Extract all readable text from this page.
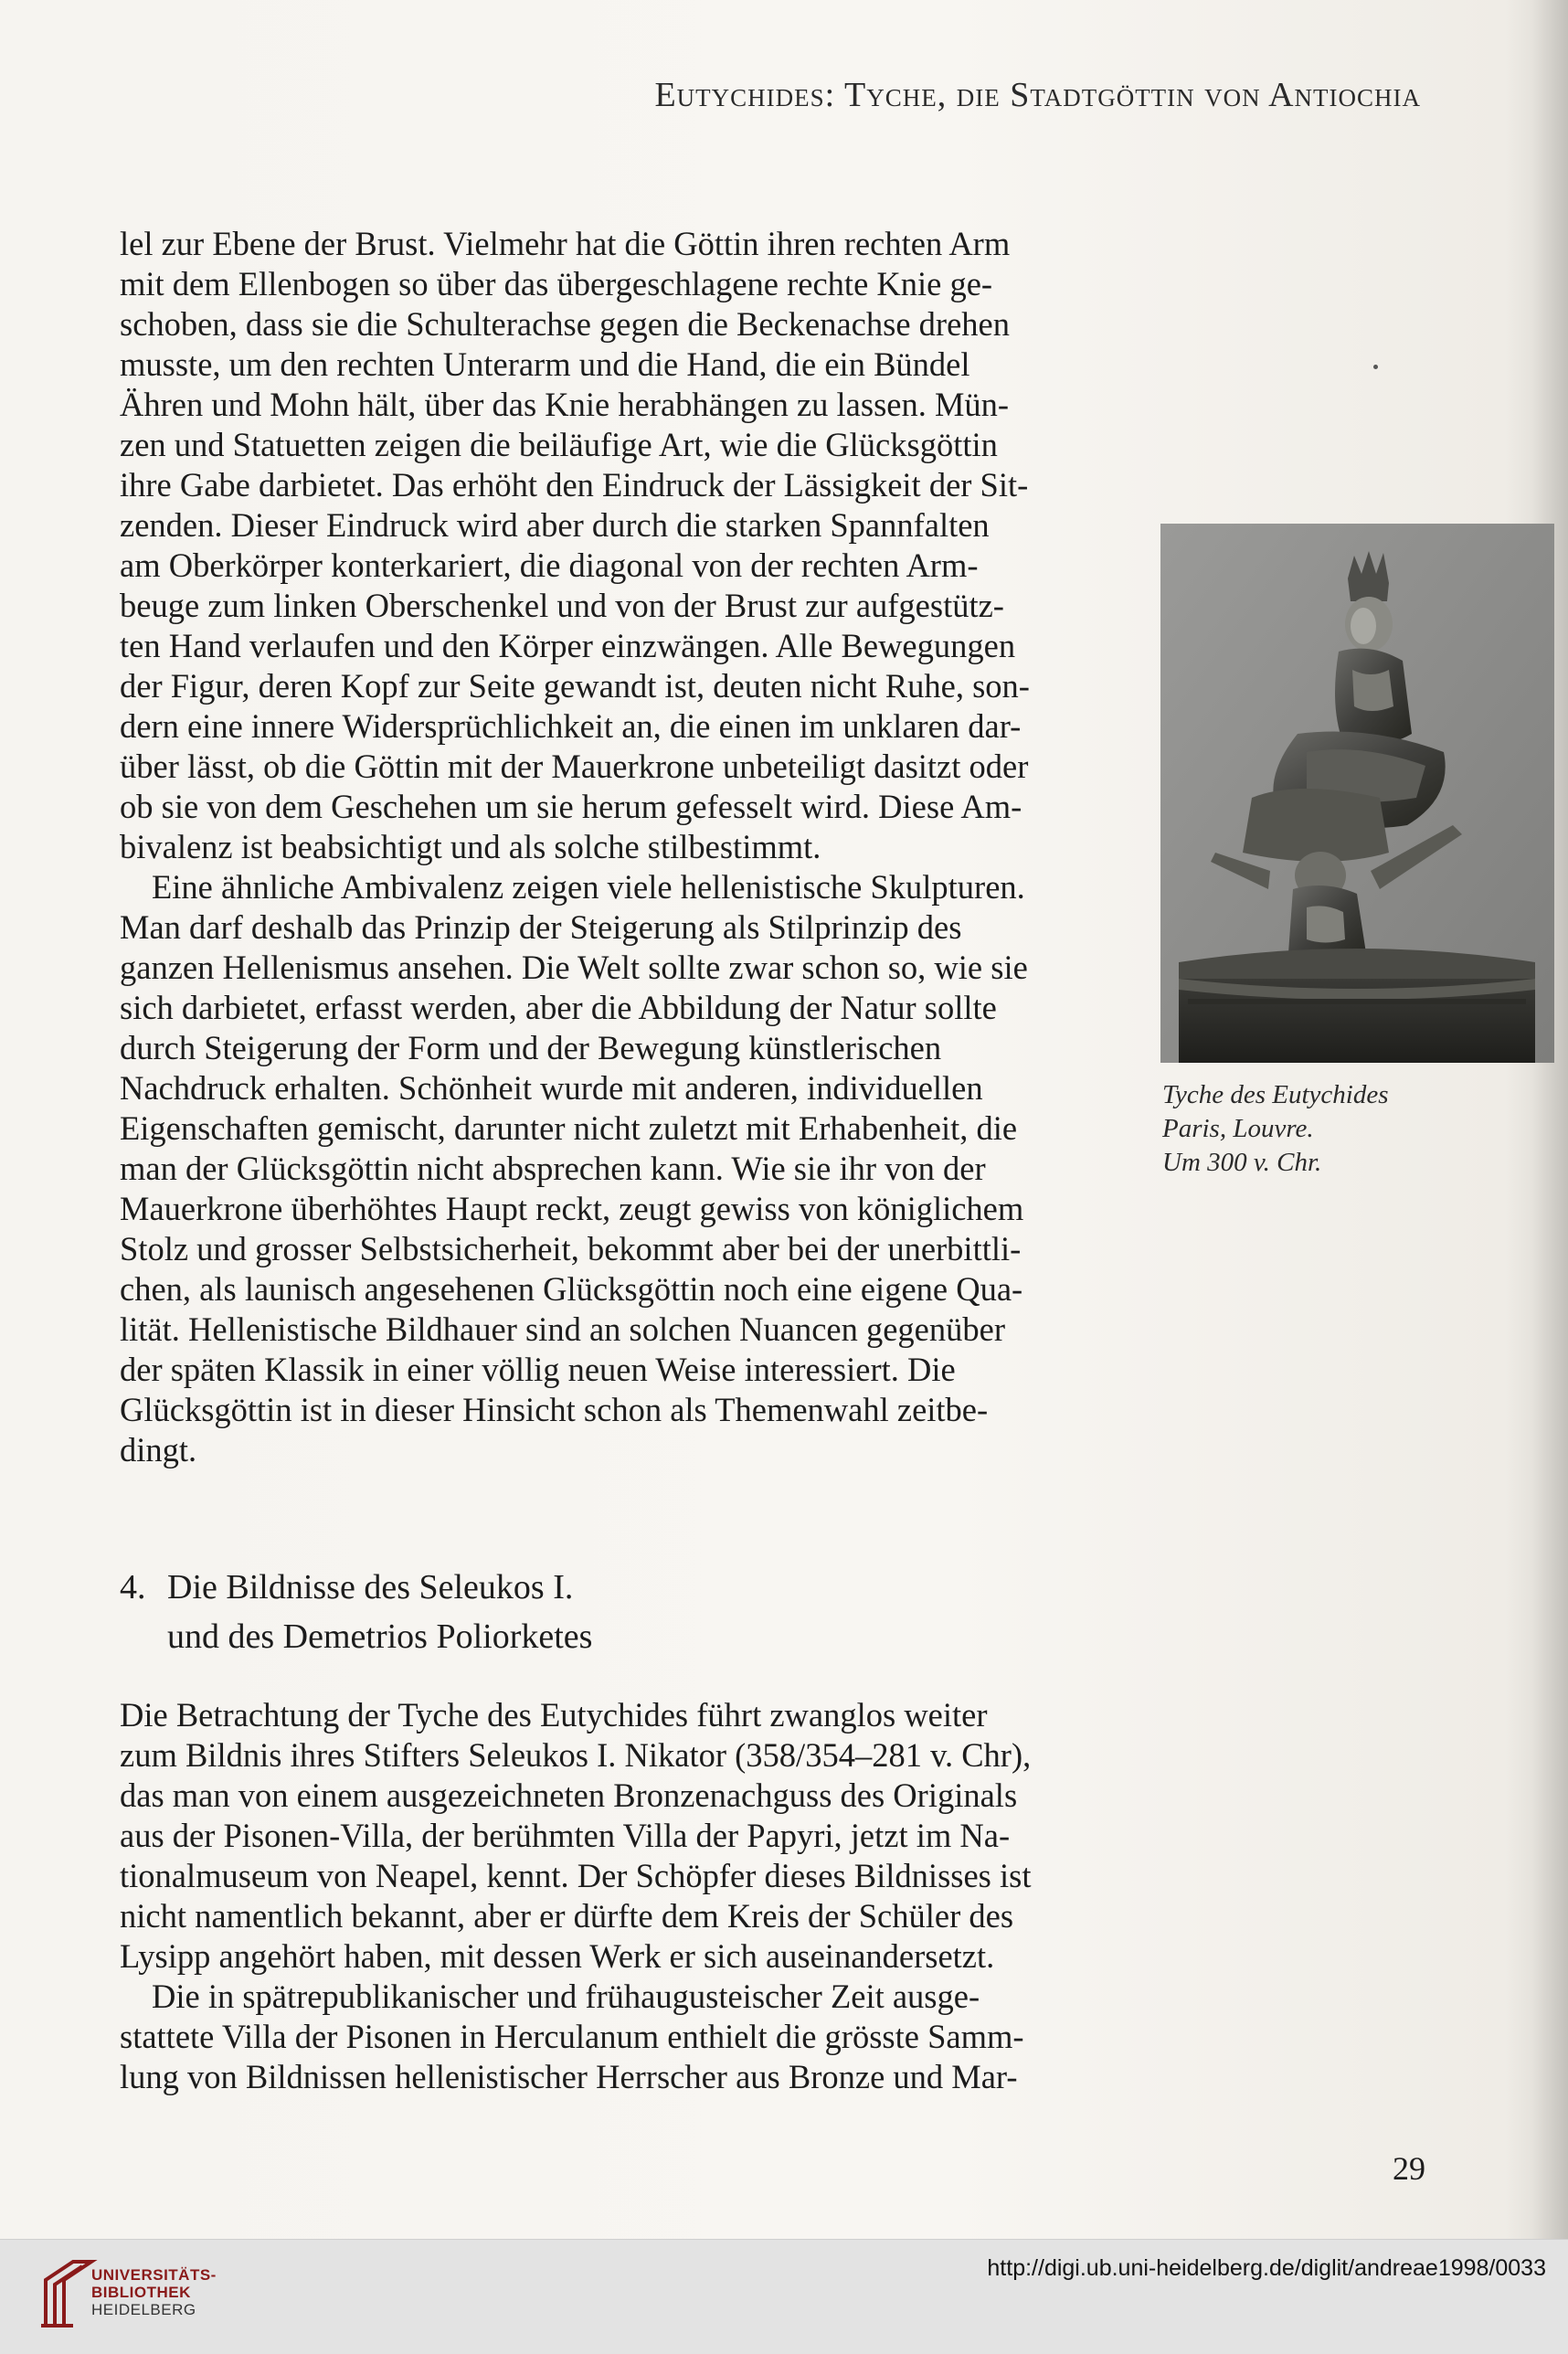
Eutychides: Tyche, die Stadtgöttin von Antiochia

lel zur Ebene der Brust. Vielmehr hat die Göttin ihren rechten Arm
mit dem Ellenbogen so über das übergeschlagene rechte Knie ge-
schoben, dass sie die Schulterachse gegen die Beckenachse drehen
musste, um den rechten Unterarm und die Hand, die ein Bündel
Ähren und Mohn hält, über das Knie herabhängen zu lassen. Mün-
zen und Statuetten zeigen die beiläufige Art, wie die Glücksgöttin
ihre Gabe darbietet. Das erhöht den Eindruck der Lässigkeit der Sit-
zenden. Dieser Eindruck wird aber durch die starken Spannfalten
am Oberkörper konterkariert, die diagonal von der rechten Arm-
beuge zum linken Oberschenkel und von der Brust zur aufgestütz-
ten Hand verlaufen und den Körper einzwängen. Alle Bewegungen
der Figur, deren Kopf zur Seite gewandt ist, deuten nicht Ruhe, son-
dern eine innere Widersprüchlichkeit an, die einen im unklaren dar-
über lässt, ob die Göttin mit der Mauerkrone unbeteiligt dasitzt oder
ob sie von dem Geschehen um sie herum gefesselt wird. Diese Am-
bivalenz ist beabsichtigt und als solche stilbestimmt.

Eine ähnliche Ambivalenz zeigen viele hellenistische Skulpturen.
Man darf deshalb das Prinzip der Steigerung als Stilprinzip des
ganzen Hellenismus ansehen. Die Welt sollte zwar schon so, wie sie
sich darbietet, erfasst werden, aber die Abbildung der Natur sollte
durch Steigerung der Form und der Bewegung künstlerischen
Nachdruck erhalten. Schönheit wurde mit anderen, individuellen
Eigenschaften gemischt, darunter nicht zuletzt mit Erhabenheit, die
man der Glücksgöttin nicht absprechen kann. Wie sie ihr von der
Mauerkrone überhöhtes Haupt reckt, zeugt gewiss von königlichem
Stolz und grosser Selbstsicherheit, bekommt aber bei der unerbittli-
chen, als launisch angesehenen Glücksgöttin noch eine eigene Qua-
lität. Hellenistische Bildhauer sind an solchen Nuancen gegenüber
der späten Klassik in einer völlig neuen Weise interessiert. Die
Glücksgöttin ist in dieser Hinsicht schon als Themenwahl zeitbe-
dingt.

4. Die Bildnisse des Seleukos I.
und des Demetrios Poliorketes

Die Betrachtung der Tyche des Eutychides führt zwanglos weiter
zum Bildnis ihres Stifters Seleukos I. Nikator (358/354–281 v. Chr),
das man von einem ausgezeichneten Bronzenachguss des Originals
aus der Pisonen-Villa, der berühmten Villa der Papyri, jetzt im Na-
tionalmuseum von Neapel, kennt. Der Schöpfer dieses Bildnisses ist
nicht namentlich bekannt, aber er dürfte dem Kreis der Schüler des
Lysipp angehört haben, mit dessen Werk er sich auseinandersetzt.

Die in spätrepublikanischer und frühaugusteischer Zeit ausge-
stattete Villa der Pisonen in Herculanum enthielt die grösste Samm-
lung von Bildnissen hellenistischer Herrscher aus Bronze und Mar-

Tyche des Eutychides
Paris, Louvre.
Um 300 v. Chr.
29
UNIVERSITÄTS-
BIBLIOTHEK
HEIDELBERG
http://digi.ub.uni-heidelberg.de/diglit/andreae1998/0033
